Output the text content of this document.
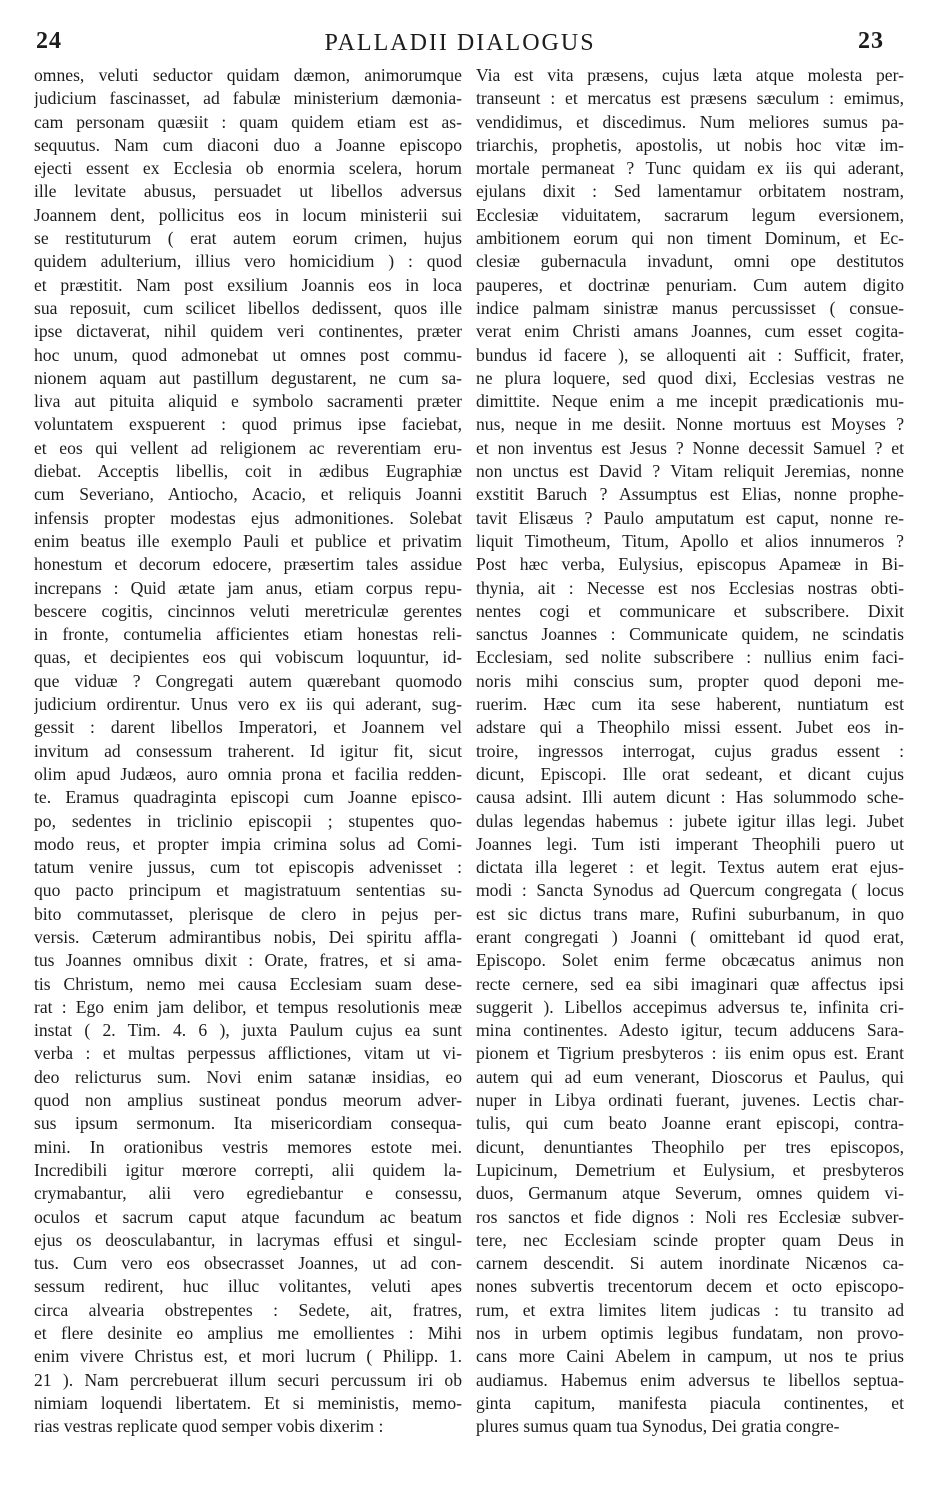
24	PALLADII DIALOGUS	23
omnes, veluti seductor quidam dæmon, animorumque
judicium fascinasset, ad fabulæ ministerium dæmonia-
cam personam quæsiit : quam quidem etiam est as-
sequutus. Nam cum diaconi duo a Joanne episcopo
ejecti essent ex Ecclesia ob enormia scelera, horum
ille levitate abusus, persuadet ut libellos adversus
Joannem dent, pollicitus eos in locum ministerii sui
se restituturum ( erat autem eorum crimen, hujus
quidem adulterium, illius vero homicidium ) : quod
et præstitit. Nam post exsilium Joannis eos in loca
sua reposuit, cum scilicet libellos dedissent, quos ille
ipse dictaverat, nihil quidem veri continentes, præter
hoc unum, quod admonebat ut omnes post commu-
nionem aquam aut pastillum degustarent, ne cum sa-
liva aut pituita aliquid e symbolo sacramenti præter
voluntatem exspuerent : quod primus ipse faciebat,
et eos qui vellent ad religionem ac reverentiam eru-
diebat. Acceptis libellis, coit in ædibus Eugraphiæ
cum Severiano, Antiocho, Acacio, et reliquis Joanni
infensis propter modestas ejus admonitiones. Solebat
enim beatus ille exemplo Pauli et publice et privatim
honestum et decorum edocere, præsertim tales assidue
increpans : Quid ætate jam anus, etiam corpus repu-
bescere cogitis, cincinnos veluti meretriculæ gerentes
in fronte, contumelia afficientes etiam honestas reli-
quas, et decipientes eos qui vobiscum loquuntur, id-
que viduæ ? Congregati autem quærebant quomodo
judicium ordirentur. Unus vero ex iis qui aderant, sug-
gessit : darent libellos Imperatori, et Joannem vel
invitum ad consessum traherent. Id igitur fit, sicut
olim apud Judæos, auro omnia prona et facilia redden-
te. Eramus quadraginta episcopi cum Joanne episco-
po, sedentes in triclinio episcopii ; stupentes quo-
modo reus, et propter impia crimina solus ad Comi-
tatum venire jussus, cum tot episcopis advenisset :
quo pacto principum et magistratuum sententias su-
bito commutasset, plerisque de clero in pejus per-
versis. Cæterum admirantibus nobis, Dei spiritu affla-
tus Joannes omnibus dixit : Orate, fratres, et si ama-
tis Christum, nemo mei causa Ecclesiam suam dese-
rat : Ego enim jam delibor, et tempus resolutionis meæ
instat ( 2. Tim. 4. 6 ), juxta Paulum cujus ea sunt
verba : et multas perpessus afflictiones, vitam ut vi-
deo relicturus sum. Novi enim satanæ insidias, eo
quod non amplius sustineat pondus meorum adver-
sus ipsum sermonum. Ita misericordiam consequa-
mini. In orationibus vestris memores estote mei.
Incredibili igitur mœrore correpti, alii quidem la-
crymabantur, alii vero egrediebantur e consessu,
oculos et sacrum caput atque facundum ac beatum
ejus os deosculabantur, in lacrymas effusi et singul-
tus. Cum vero eos obsecrasset Joannes, ut ad con-
sessum redirent, huc illuc volitantes, veluti apes
circa alvearia obstrepentes : Sedete, ait, fratres,
et flere desinite eo amplius me emollientes : Mihi
enim vivere Christus est, et mori lucrum ( Philipp. 1.
21 ). Nam percrebuerat illum securi percussum iri ob
nimiam loquendi libertatem. Et si meministis, memo-
rias vestras replicate quod semper vobis dixerim :
Via est vita præsens, cujus læta atque molesta per-
transeunt : et mercatus est præsens sæculum : emimus,
vendidimus, et discedimus. Num meliores sumus pa-
triarchis, prophetis, apostolis, ut nobis hoc vitæ im-
mortale permaneat ? Tunc quidam ex iis qui aderant,
ejulans dixit : Sed lamentamur orbitatem nostram,
Ecclesiæ viduitatem, sacrarum legum eversionem,
ambitionem eorum qui non timent Dominum, et Ec-
clesiæ gubernacula invadunt, omni ope destitutos
pauperes, et doctrinæ penuriam. Cum autem digito
indice palmam sinistræ manus percussisset ( consue-
verat enim Christi amans Joannes, cum esset cogita-
bundus id facere ), se alloquenti ait : Sufficit, frater,
ne plura loquere, sed quod dixi, Ecclesias vestras ne
dimittite. Neque enim a me incepit prædicationis mu-
nus, neque in me desiit. Nonne mortuus est Moyses ?
et non inventus est Jesus ? Nonne decessit Samuel ? et
non unctus est David ? Vitam reliquit Jeremias, nonne
exstitit Baruch ? Assumptus est Elias, nonne prophe-
tavit Elisæus ? Paulo amputatum est caput, nonne re-
liquit Timotheum, Titum, Apollo et alios innumeros ?
Post hæc verba, Eulysius, episcopus Apameæ in Bi-
thynia, ait : Necesse est nos Ecclesias nostras obti-
nentes cogi et communicare et subscribere. Dixit
sanctus Joannes : Communicate quidem, ne scindatis
Ecclesiam, sed nolite subscribere : nullius enim faci-
noris mihi conscius sum, propter quod deponi me-
ruerim. Hæc cum ita sese haberent, nuntiatum est
adstare qui a Theophilo missi essent. Jubet eos in-
troire, ingressos interrogat, cujus gradus essent :
dicunt, Episcopi. Ille orat sedeant, et dicant cujus
causa adsint. Illi autem dicunt : Has solummodo sche-
dulas legendas habemus : jubete igitur illas legi. Jubet
Joannes legi. Tum isti imperant Theophili puero ut
dictata illa legeret : et legit. Textus autem erat ejus-
modi : Sancta Synodus ad Quercum congregata ( locus
est sic dictus trans mare, Rufini suburbanum, in quo
erant congregati ) Joanni ( omittebant id quod erat,
Episcopo. Solet enim ferme obcæcatus animus non
recte cernere, sed ea sibi imaginari quæ affectus ipsi
suggerit ). Libellos accepimus adversus te, infinita cri-
mina continentes. Adesto igitur, tecum adducens Sara-
pionem et Tigrium presbyteros : iis enim opus est. Erant
autem qui ad eum venerant, Dioscorus et Paulus, qui
nuper in Libya ordinati fuerant, juvenes. Lectis char-
tulis, qui cum beato Joanne erant episcopi, contra-
dicunt, denuntiantes Theophilo per tres episcopos,
Lupicinum, Demetrium et Eulysium, et presbyteros
duos, Germanum atque Severum, omnes quidem vi-
ros sanctos et fide dignos : Noli res Ecclesiæ subver-
tere, nec Ecclesiam scinde propter quam Deus in
carnem descendit. Si autem inordinate Nicænos ca-
nones subvertis trecentorum decem et octo episcopo-
rum, et extra limites litem judicas : tu transito ad
nos in urbem optimis legibus fundatam, non provo-
cans more Caini Abelem in campum, ut nos te prius
audiamus. Habemus enim adversus te libellos septua-
ginta capitum, manifesta piacula continentes, et
plures sumus quam tua Synodus, Dei gratia congre-
